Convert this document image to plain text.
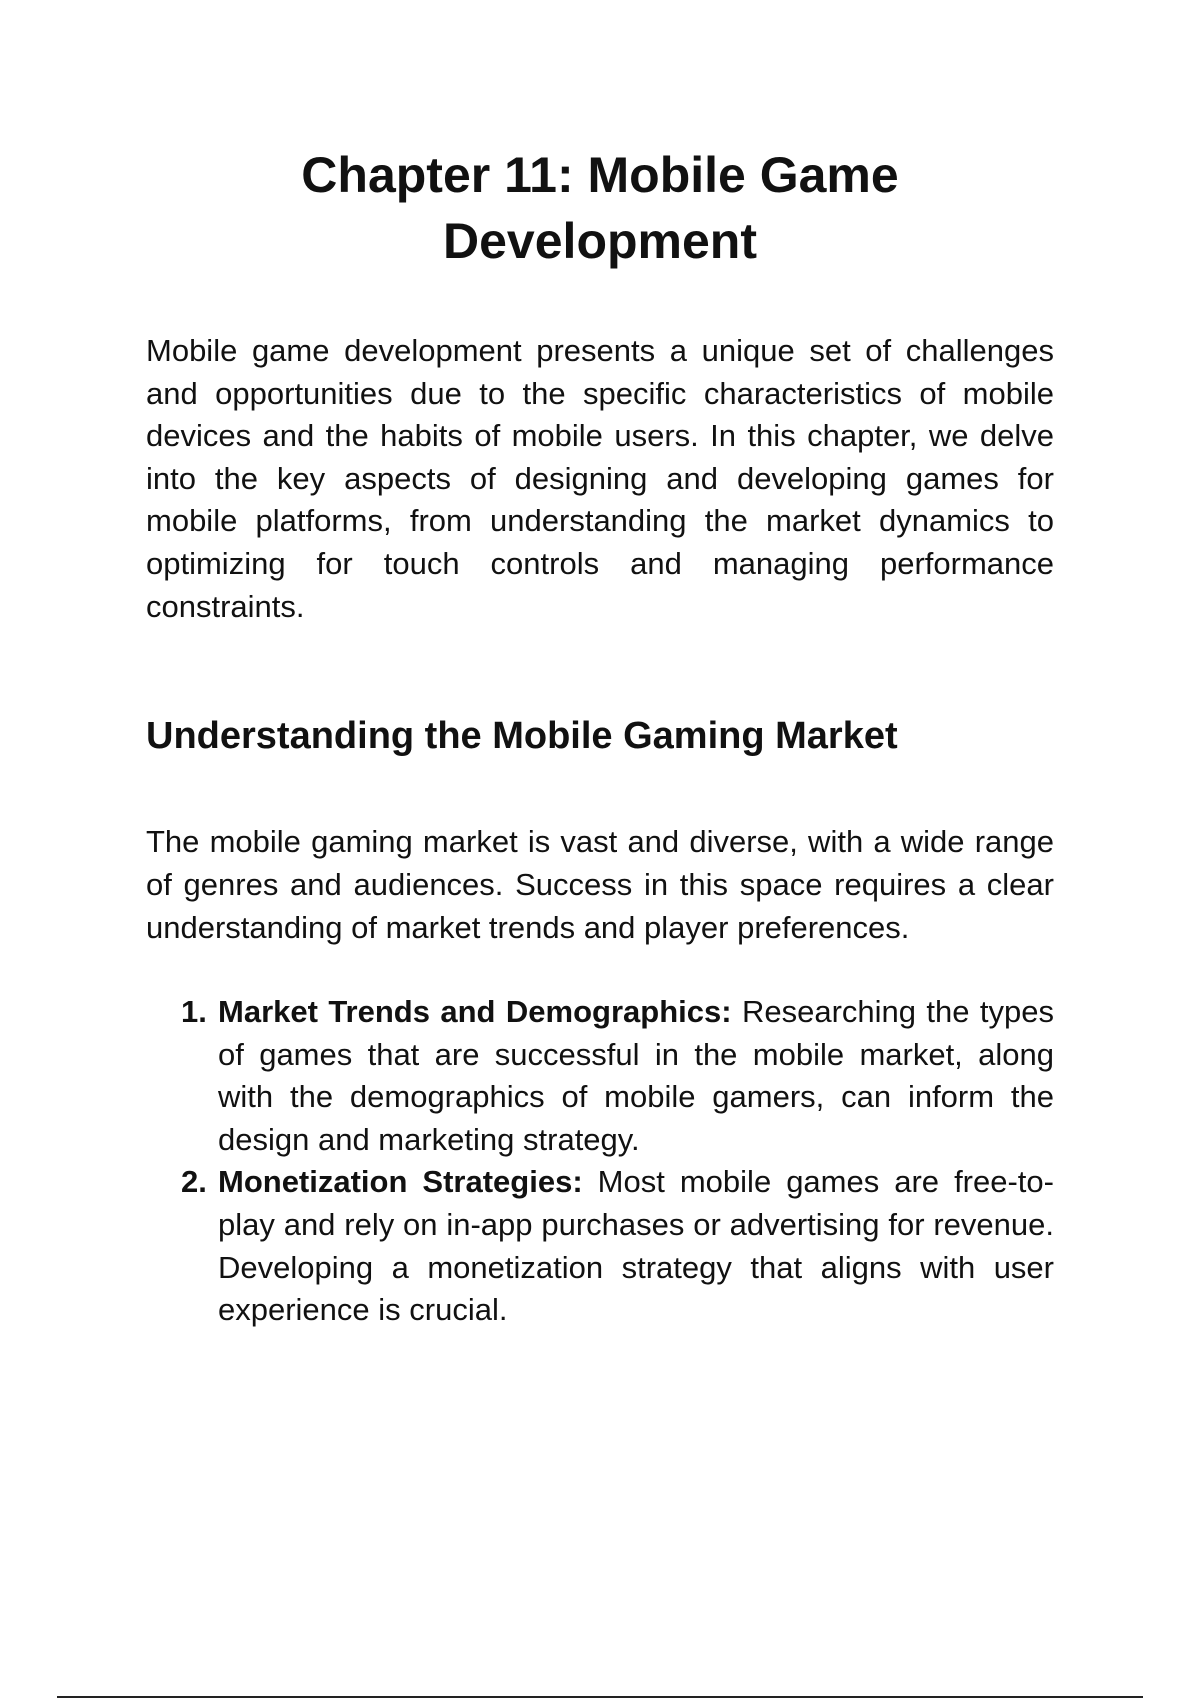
Chapter 11: Mobile Game Development

Mobile game development presents a unique set of challenges and opportunities due to the specific characteristics of mobile devices and the habits of mobile users. In this chapter, we delve into the key aspects of designing and developing games for mobile platforms, from understanding the market dynamics to optimizing for touch controls and managing performance constraints.

Understanding the Mobile Gaming Market

The mobile gaming market is vast and diverse, with a wide range of genres and audiences. Success in this space requires a clear understanding of market trends and player preferences.

1. Market Trends and Demographics: Researching the types of games that are successful in the mobile market, along with the demographics of mobile gamers, can inform the design and marketing strategy.
2. Monetization Strategies: Most mobile games are free-to-play and rely on in-app purchases or advertising for revenue. Developing a monetization strategy that aligns with user experience is crucial.
